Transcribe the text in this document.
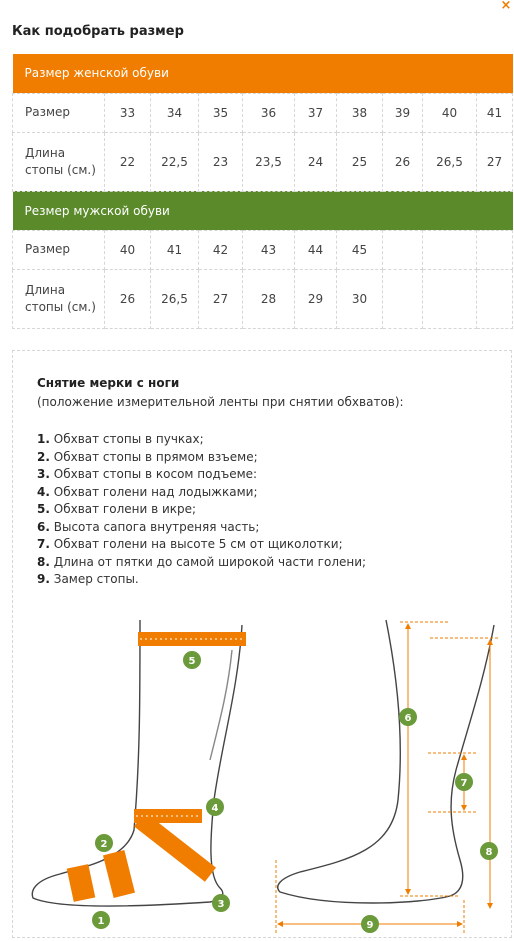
×
Как подобрать размер
Размер женской обуви									
Размер	33	34	35	36	37	38	39	40	41
Длина стопы (см.)	22	22,5	23	23,5	24	25	26	26,5	27
Резмер мужской обуви									
Размер	40	41	42	43	44	45			
Длина стопы (см.)	26	26,5	27	28	29	30			
Снятие мерки с ноги
(положение измерительной ленты при снятии обхватов):
1. Обхват стопы в пучках;
2. Обхват стопы в прямом взъеме;
3. Обхват стопы в косом подъеме:
4. Обхват голени над лодыжками;
5. Обхват голени в икре;
6. Высота сапога внутреняя часть;
7. Обхват голени на высоте 5 см от щиколотки;
8. Длина от пятки до самой широкой части голени;
9. Замер стопы.
1
2
3
4
5
6
7
8
9
